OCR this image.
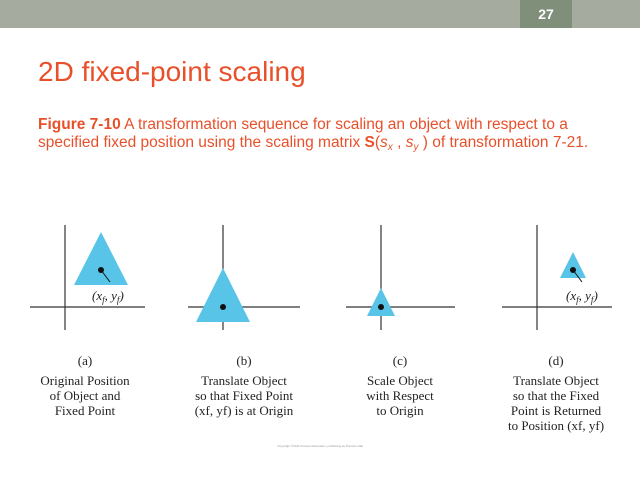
27
2D fixed-point scaling

Figure 7-10 A transformation sequence for scaling an object with respect to a specified fixed position using the scaling matrix $S(s_x$ , $s_y$ ) of transformation 7-21.

($x_f$, $y_f$)
(a)
Original Position
of Object and
Fixed Point
(b)
Translate Object
so that Fixed Point
(xf, yf) is at Origin
(c)
Scale Object
with Respect
to Origin
($x_f$, $y_f$)
(d)
Translate Object
so that the Fixed
Point is Returned
to Position (xf, yf)
Copyright ©2011 Pearson Education, publishing as Prentice Hall
